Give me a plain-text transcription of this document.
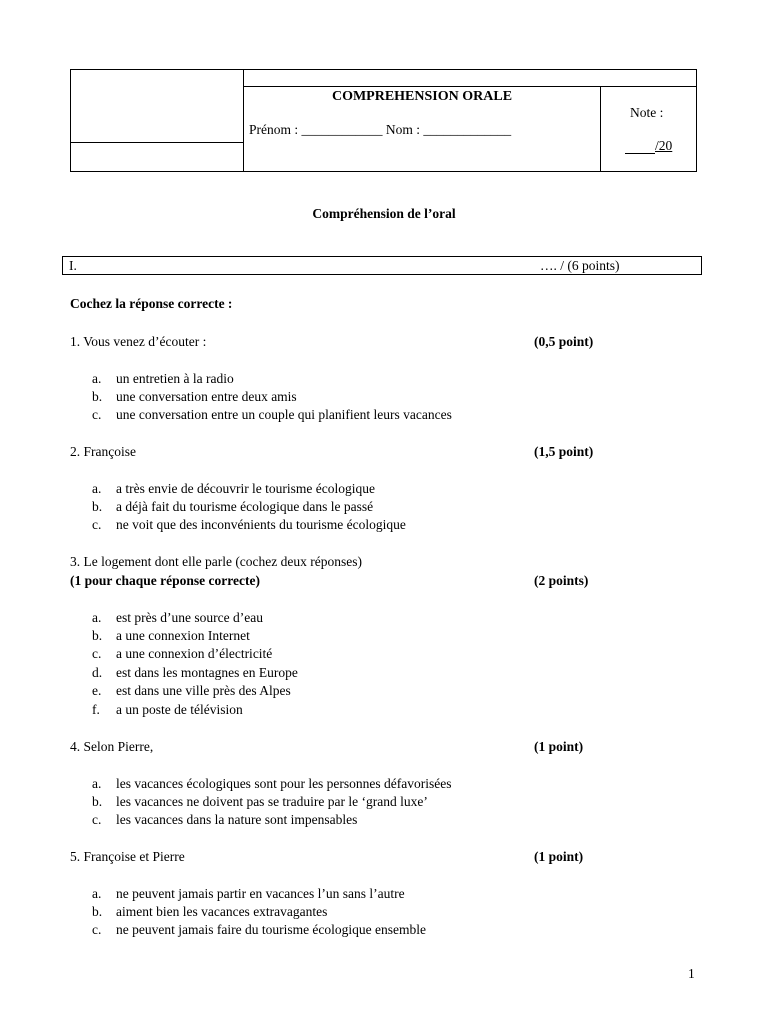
COMPREHENSION ORALE
Prénom : ____________ Nom : _____________
Note :
/20
Compréhension de l’oral
I.	…. / (6 points)
Cochez la réponse correcte :
1. Vous venez d’écouter :	(0,5 point)
a. un entretien à la radio
b. une conversation entre deux amis
c. une conversation entre un couple qui planifient leurs vacances
2. Françoise	(1,5 point)
a. a très envie de découvrir le tourisme écologique
b. a déjà fait du tourisme écologique dans le passé
c. ne voit que des inconvénients du tourisme écologique
3. Le logement dont elle parle (cochez deux réponses)
(1 pour chaque réponse correcte)	(2 points)
a. est près d’une source d’eau
b. a une connexion Internet
c. a une connexion d’électricité
d. est dans les montagnes en Europe
e. est dans une ville près des Alpes
f. a un poste de télévision
4. Selon Pierre,	(1 point)
a. les vacances écologiques sont pour les personnes défavorisées
b. les vacances ne doivent pas se traduire par le ‘grand luxe’
c. les vacances dans la nature sont impensables
5. Françoise et Pierre	(1 point)
a. ne peuvent jamais partir en vacances l’un sans l’autre
b. aiment bien les vacances extravagantes
c. ne peuvent jamais faire du tourisme écologique ensemble
1
